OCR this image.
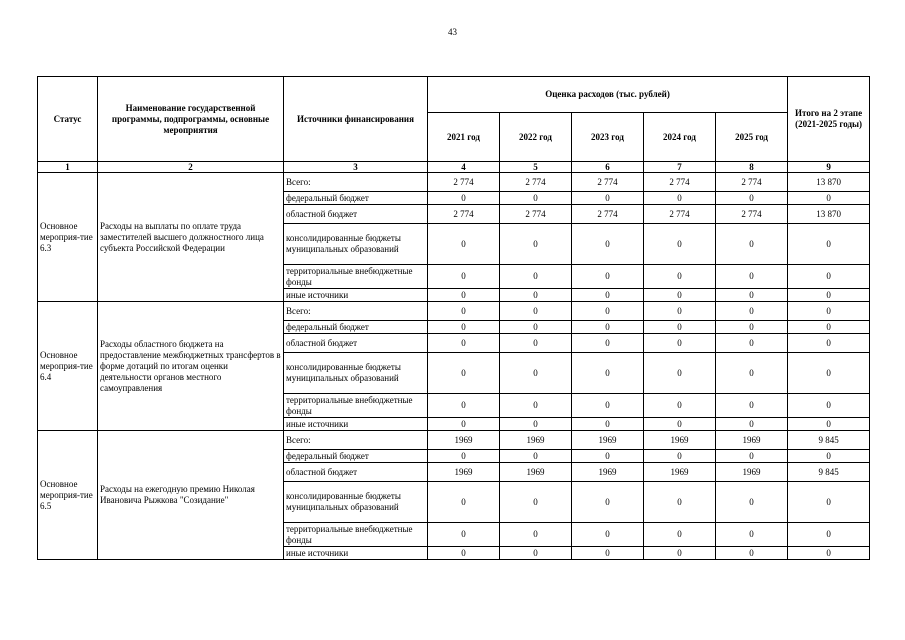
43
Статус	Наименование государственной программы, подпрограммы, основные мероприятия	Источники финансирования	Оценка расходов (тыс. рублей)					Итого на 2 этапе (2021-2025 годы)
			2021 год	2022 год	2023 год	2024 год	2025 год	
1	2	3	4	5	6	7	8	9
Основное мероприя-тие 6.3	Расходы на выплаты по оплате труда заместителей высшего должностного лица субъекта Российской Федерации	Всего:	2 774	2 774	2 774	2 774	2 774	13 870
		федеральный бюджет	0	0	0	0	0	0
		областной бюджет	2 774	2 774	2 774	2 774	2 774	13 870
		консолидированные бюджеты муниципальных образований	0	0	0	0	0	0
		территориальные внебюджетные фонды	0	0	0	0	0	0
		иные источники	0	0	0	0	0	0
Основное мероприя-тие 6.4	Расходы областного бюджета на предоставление межбюджетных трансфертов в форме дотаций по итогам оценки деятельности органов местного самоуправления	Всего:	0	0	0	0	0	0
		федеральный бюджет	0	0	0	0	0	0
		областной бюджет	0	0	0	0	0	0
		консолидированные бюджеты муниципальных образований	0	0	0	0	0	0
		территориальные внебюджетные фонды	0	0	0	0	0	0
		иные источники	0	0	0	0	0	0
Основное мероприя-тие 6.5	Расходы на ежегодную премию Николая Ивановича Рыжкова "Созидание"	Всего:	1969	1969	1969	1969	1969	9 845
		федеральный бюджет	0	0	0	0	0	0
		областной бюджет	1969	1969	1969	1969	1969	9 845
		консолидированные бюджеты муниципальных образований	0	0	0	0	0	0
		территориальные внебюджетные фонды	0	0	0	0	0	0
		иные источники	0	0	0	0	0	0
